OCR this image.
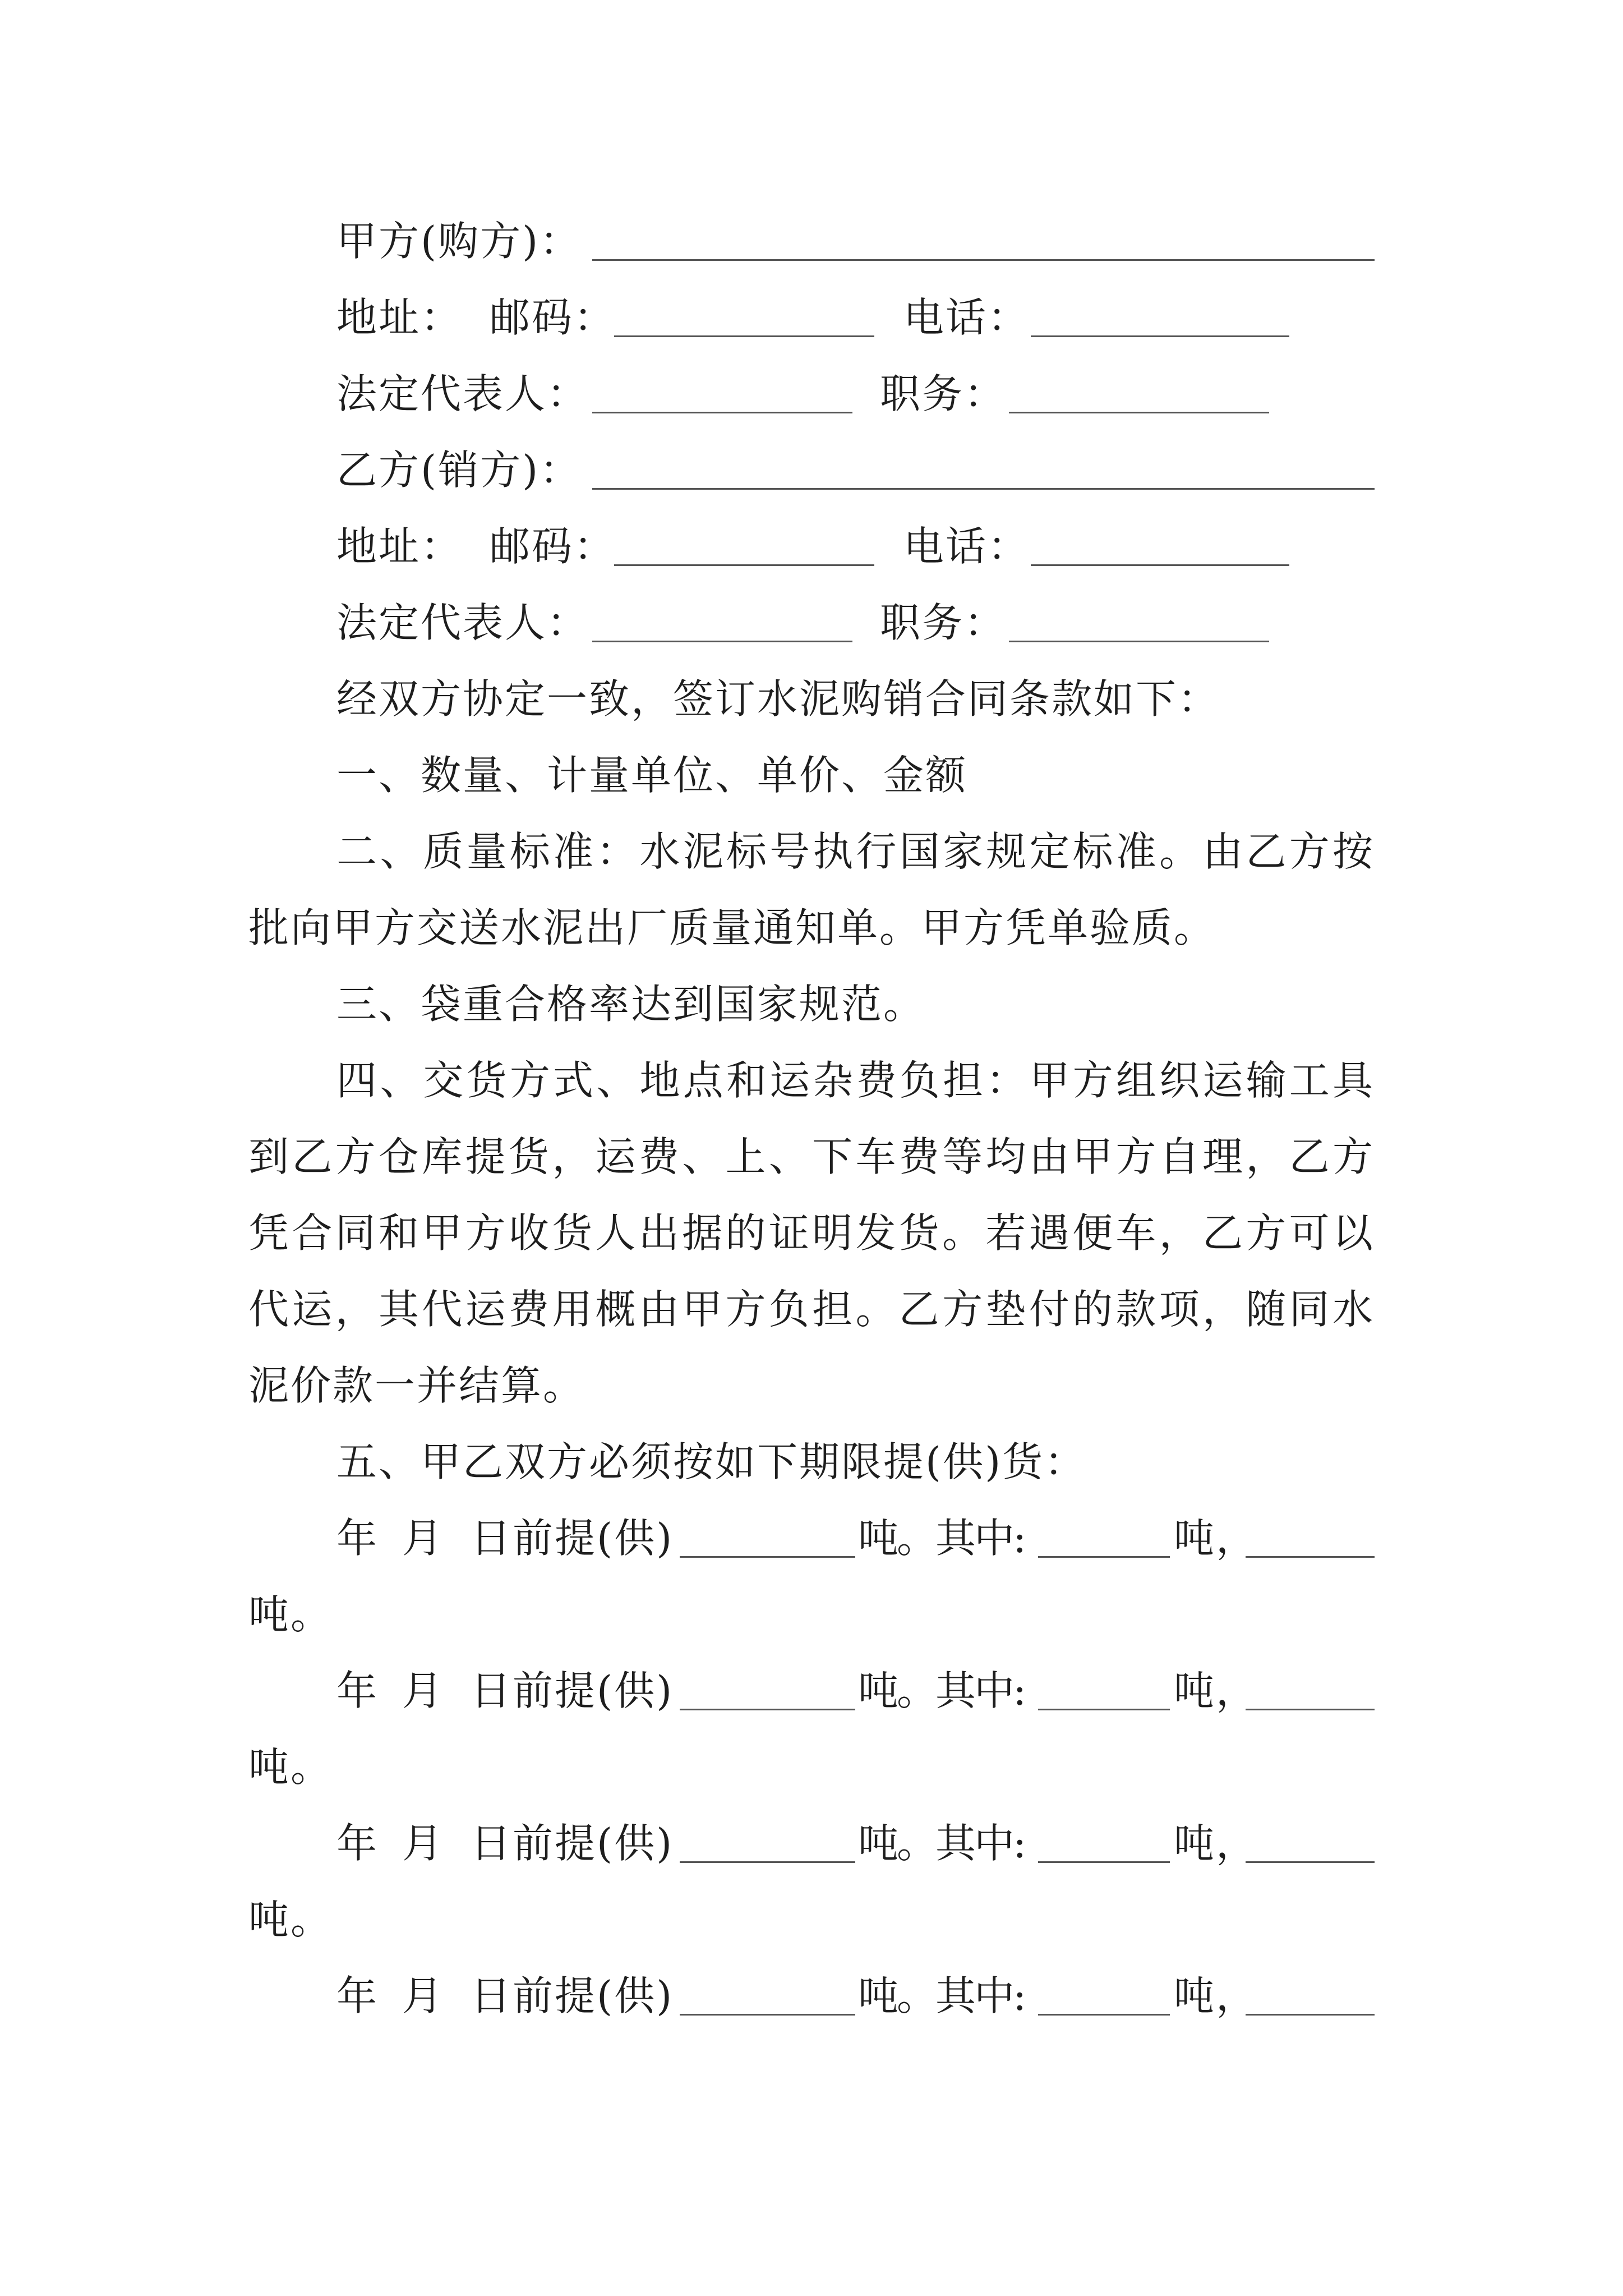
甲方(购方)：
地址： 邮码：	电话：
法定代表人：	职务：
乙方(销方)：
地址： 邮码：	电话：
法定代表人：	职务：
经双方协定一致，签订水泥购销合同条款如下：
一、数量、计量单位、单价、金额
二、质量标准：水泥标号执行国家规定标准。由乙方按
批向甲方交送水泥出厂质量通知单。甲方凭单验质。
三、袋重合格率达到国家规范。
四、交货方式、地点和运杂费负担：甲方组织运输工具
到乙方仓库提货，运费、上、下车费等均由甲方自理，乙方
凭合同和甲方收货人出据的证明发货。若遇便车，乙方可以
代运，其代运费用概由甲方负担。乙方垫付的款项，随同水
泥价款一并结算。
五、甲乙双方必须按如下期限提(供)货：
年 月 日前提(供)	吨。其中:	吨，
吨。
年 月 日前提(供)	吨。其中:	吨，
吨。
年 月 日前提(供)	吨。其中:	吨，
吨。
年 月 日前提(供)	吨。其中:	吨，
